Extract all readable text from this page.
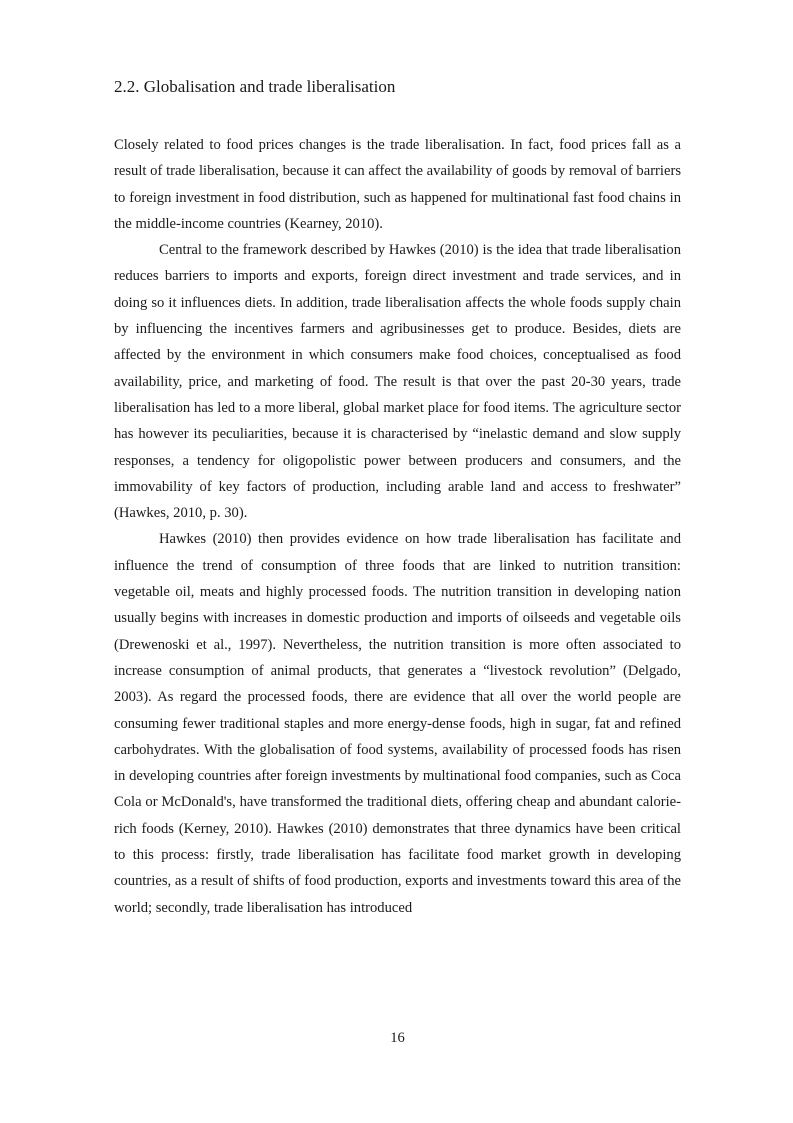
2.2. Globalisation and trade liberalisation

Closely related to food prices changes is the trade liberalisation. In fact, food prices fall as a result of trade liberalisation, because it can affect the availability of goods by removal of barriers to foreign investment in food distribution, such as happened for multinational fast food chains in the middle-income countries (Kearney, 2010).

Central to the framework described by Hawkes (2010) is the idea that trade liberalisation reduces barriers to imports and exports, foreign direct investment and trade services, and in doing so it influences diets. In addition, trade liberalisation affects the whole foods supply chain by influencing the incentives farmers and agribusinesses get to produce. Besides, diets are affected by the environment in which consumers make food choices, conceptualised as food availability, price, and marketing of food. The result is that over the past 20-30 years, trade liberalisation has led to a more liberal, global market place for food items. The agriculture sector has however its peculiarities, because it is characterised by “inelastic demand and slow supply responses, a tendency for oligopolistic power between producers and consumers, and the immovability of key factors of production, including arable land and access to freshwater” (Hawkes, 2010, p. 30).

Hawkes (2010) then provides evidence on how trade liberalisation has facilitate and influence the trend of consumption of three foods that are linked to nutrition transition: vegetable oil, meats and highly processed foods. The nutrition transition in developing nation usually begins with increases in domestic production and imports of oilseeds and vegetable oils (Drewenoski et al., 1997). Nevertheless, the nutrition transition is more often associated to increase consumption of animal products, that generates a “livestock revolution” (Delgado, 2003). As regard the processed foods, there are evidence that all over the world people are consuming fewer traditional staples and more energy-dense foods, high in sugar, fat and refined carbohydrates. With the globalisation of food systems, availability of processed foods has risen in developing countries after foreign investments by multinational food companies, such as Coca Cola or McDonald's, have transformed the traditional diets, offering cheap and abundant calorie-rich foods (Kerney, 2010). Hawkes (2010) demonstrates that three dynamics have been critical to this process: firstly, trade liberalisation has facilitate food market growth in developing countries, as a result of shifts of food production, exports and investments toward this area of the world; secondly, trade liberalisation has introduced

16
